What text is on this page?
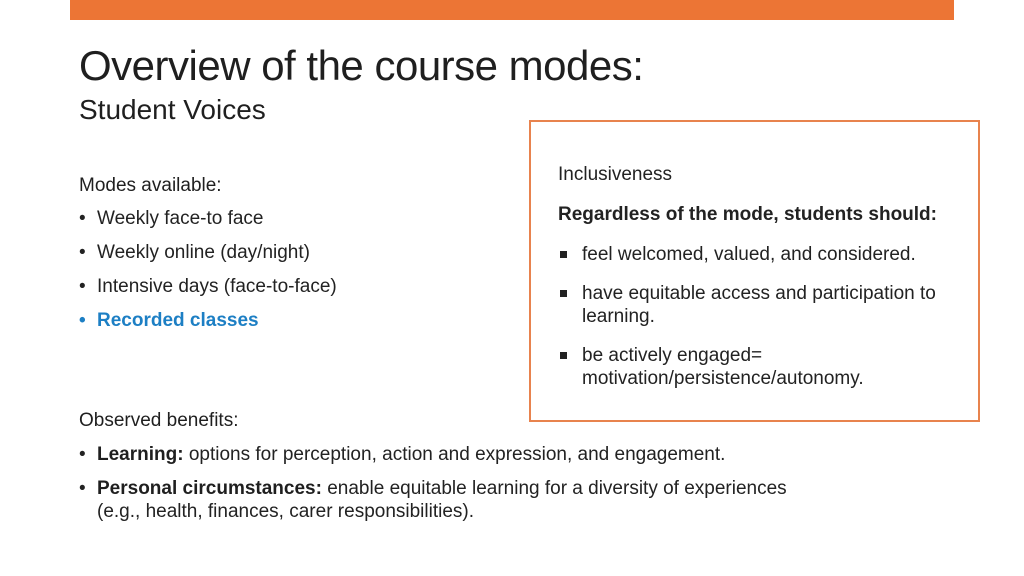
Overview of the course modes:
Student Voices
Modes available:
• Weekly face-to face
• Weekly online (day/night)
• Intensive days (face-to-face)
• Recorded classes
Observed benefits:
• Learning: options for perception, action and expression, and engagement.
• Personal circumstances: enable equitable learning for a diversity of experiences (e.g., health, finances, carer responsibilities).
Inclusiveness
Regardless of the mode, students should:
feel welcomed, valued, and considered.
have equitable access and participation to learning.
be actively engaged= motivation/persistence/autonomy.
